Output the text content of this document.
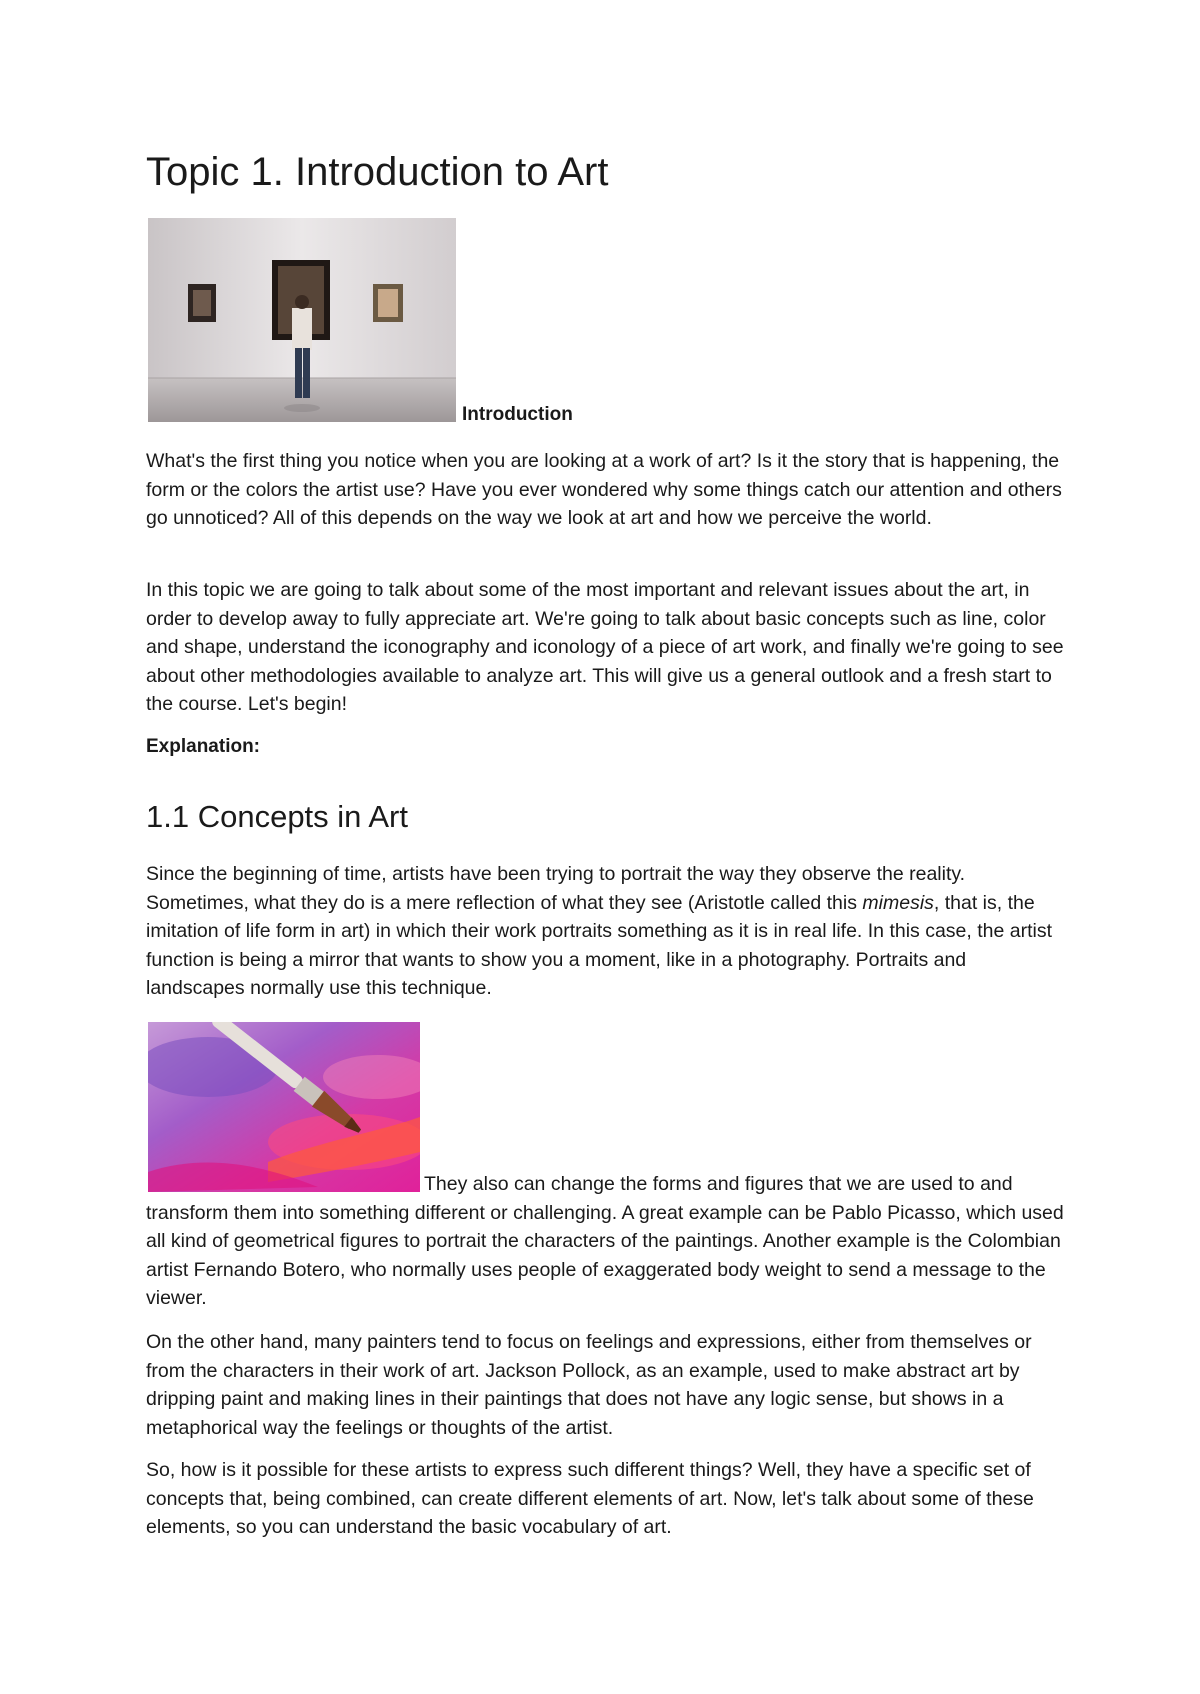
Topic 1. Introduction to Art
Introduction

What's the first thing you notice when you are looking at a work of art? Is it the story that is happening, the form or the colors the artist use? Have you ever wondered why some things catch our attention and others go unnoticed? All of this depends on the way we look at art and how we perceive the world.

In this topic we are going to talk about some of the most important and relevant issues about the art, in order to develop away to fully appreciate art. We're going to talk about basic concepts such as line, color and shape, understand the iconography and iconology of a piece of art work, and finally we're going to see about other methodologies available to analyze art. This will give us a general outlook and a fresh start to the course. Let's begin!

Explanation:
1.1 Concepts in Art

Since the beginning of time, artists have been trying to portrait the way they observe the reality. Sometimes, what they do is a mere reflection of what they see (Aristotle called this mimesis, that is, the imitation of life form in art) in which their work portraits something as it is in real life. In this case, the artist function is being a mirror that wants to show you a moment, like in a photography. Portraits and landscapes normally use this technique.

They also can change the forms and figures that we are used to and transform them into something different or challenging. A great example can be Pablo Picasso, which used all kind of geometrical figures to portrait the characters of the paintings. Another example is the Colombian artist Fernando Botero, who normally uses people of exaggerated body weight to send a message to the viewer.

On the other hand, many painters tend to focus on feelings and expressions, either from themselves or from the characters in their work of art. Jackson Pollock, as an example, used to make abstract art by dripping paint and making lines in their paintings that does not have any logic sense, but shows in a metaphorical way the feelings or thoughts of the artist.

So, how is it possible for these artists to express such different things? Well, they have a specific set of concepts that, being combined, can create different elements of art. Now, let's talk about some of these elements, so you can understand the basic vocabulary of art.
